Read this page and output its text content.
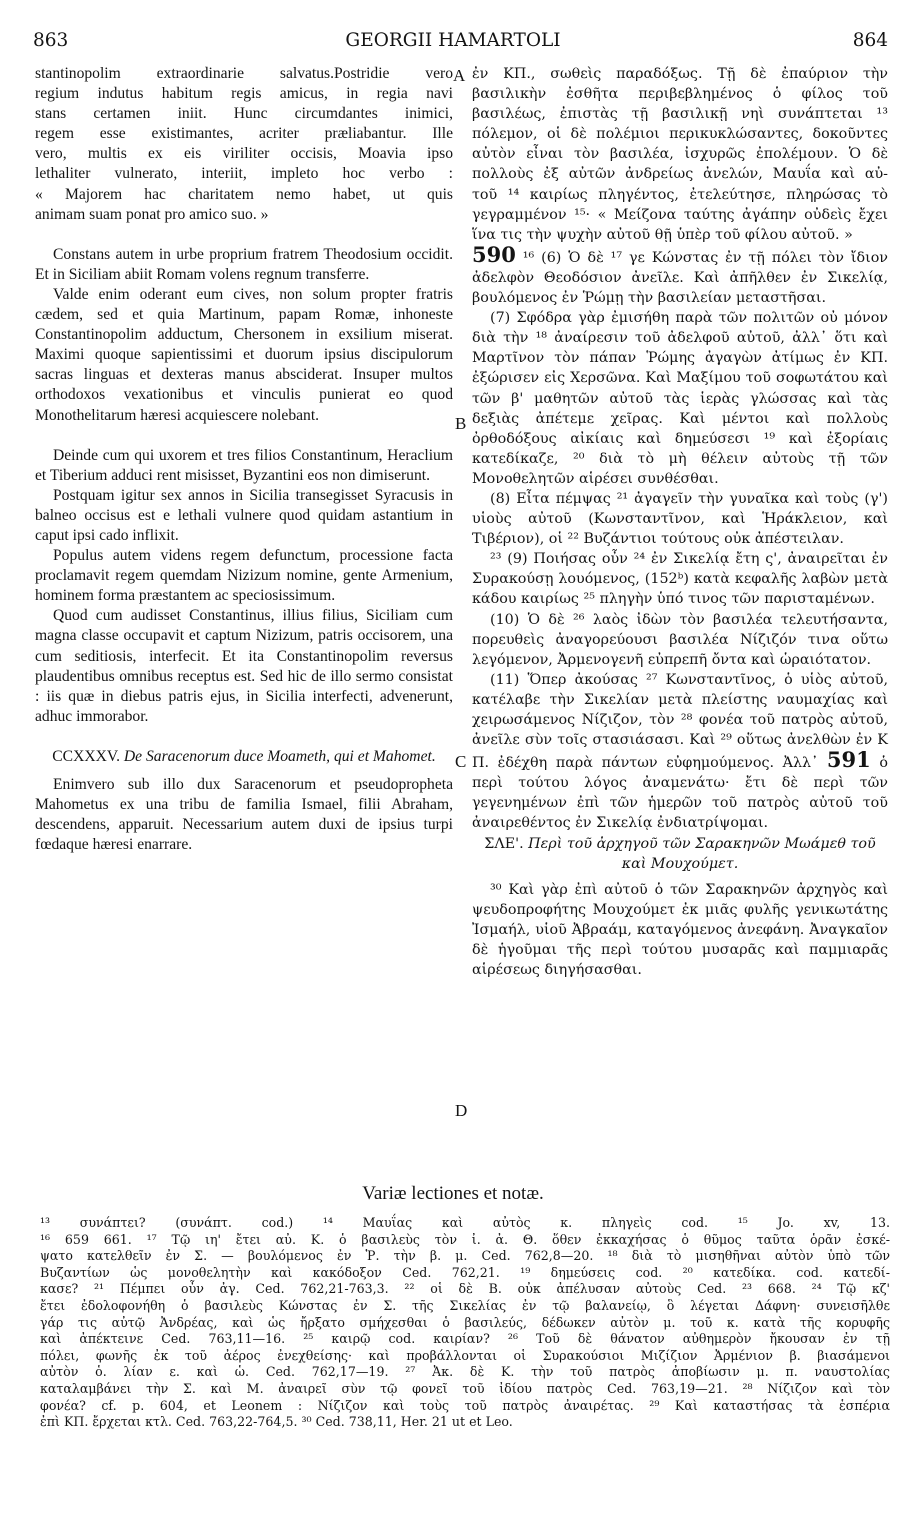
863	GEORGII HAMARTOLI	864

stantinopolim extraordinarie salvatus.Postridie vero

regium indutus habitum regis amicus, in regia navi

stans certamen iniit. Hunc circumdantes inimici,

regem esse existimantes, acriter præliabantur. Ille

vero, multis ex eis viriliter occisis, Moavia ipso

lethaliter vulnerato, interiit, impleto hoc verbo :

« Majorem hac charitatem nemo habet, ut quis

animam suam ponat pro amico suo. »

Constans autem in urbe proprium fratrem Theodosium occidit. Et in Siciliam abiit Romam volens regnum transferre.

Valde enim oderant eum cives, non solum propter fratris cædem, sed et quia Martinum, papam Romæ, inhoneste Constantinopolim adductum, Chersonem in exsilium miserat. Maximi quoque sapientissimi et duorum ipsius discipulorum sacras linguas et dexteras manus absciderat. Insuper multos orthodoxos vexationibus et vinculis punierat eo quod Monothelitarum hæresi acquiescere nolebant.

Deinde cum qui uxorem et tres filios Constantinum, Heraclium et Tiberium adduci rent misisset, Byzantini eos non dimiserunt.

Postquam igitur sex annos in Sicilia transegisset Syracusis in balneo occisus est e lethali vulnere quod quidam astantium in caput ipsi cado inflixit.

Populus autem videns regem defunctum, processione facta proclamavit regem quemdam Nizizum nomine, gente Armenium, hominem forma præstantem ac speciosissimum.

Quod cum audisset Constantinus, illius filius, Siciliam cum magna classe occupavit et captum Nizizum, patris occisorem, una cum seditiosis, interfecit. Et ita Constantinopolim reversus plaudentibus omnibus receptus est. Sed hic de illo sermo consistat : iis quæ in diebus patris ejus, in Sicilia interfecti, advenerunt, adhuc immorabor.

CCXXXV. De Saracenorum duce Moameth, qui et Mahomet.

Enimvero sub illo dux Saracenorum et pseudopropheta Mahometus ex una tribu de familia Ismael, filii Abraham, descendens, apparuit. Necessarium autem duxi de ipsius turpi fœdaque hæresi enarrare.

A
B
C
D

ἐν ΚΠ., σωθεὶς παραδόξως. Τῇ δὲ ἐπαύριον τὴν

βασιλικὴν ἐσθῆτα περιβεβλημένος ὁ φίλος τοῦ

βασιλέως, ἐπιστὰς τῇ βασιλικῇ νηὶ συνάπτεται ¹³

πόλεμον, οἱ δὲ πολέμιοι περικυκλώσαντες, δοκοῦντες

αὐτὸν εἶναι τὸν βασιλέα, ἰσχυρῶς ἐπολέμουν. Ὁ δὲ

πολλοὺς ἐξ αὐτῶν ἀνδρείως ἀνελών, Μαυΐα καὶ αὐ-

τοῦ ¹⁴ καιρίως πληγέντος, ἐτελεύτησε, πληρώσας τὸ

γεγραμμένον ¹⁵· « Μείζονα ταύτης ἀγάπην οὐδεὶς ἔχει

ἵνα τις τὴν ψυχὴν αὐτοῦ θῇ ὑπὲρ τοῦ φίλου αὐτοῦ. »

590 ¹⁶ (6) Ὁ δὲ ¹⁷ γε Κώνστας ἐν τῇ πόλει τὸν ἴδιον ἀδελφὸν Θεοδόσιον ἀνεῖλε. Καὶ ἀπῆλθεν ἐν Σικελίᾳ, βουλόμενος ἐν Ῥώμῃ τὴν βασιλείαν μεταστῆσαι.

(7) Σφόδρα γὰρ ἐμισήθη παρὰ τῶν πολιτῶν οὐ μόνον διὰ τὴν ¹⁸ ἀναίρεσιν τοῦ ἀδελφοῦ αὐτοῦ, ἀλλ᾽ ὅτι καὶ Μαρτῖνον τὸν πάπαν Ῥώμης ἀγαγὼν ἀτίμως ἐν ΚΠ. ἐξώρισεν εἰς Χερσῶνα. Καὶ Μαξίμου τοῦ σοφωτάτου καὶ τῶν β' μαθητῶν αὐτοῦ τὰς ἱερὰς γλώσσας καὶ τὰς δεξιὰς ἀπέτεμε χεῖρας. Καὶ μέντοι καὶ πολλοὺς ὀρθοδόξους αἰκίαις καὶ δημεύσεσι ¹⁹ καὶ ἐξορίαις κατεδίκαζε, ²⁰ διὰ τὸ μὴ θέλειν αὐτοὺς τῇ τῶν Μονοθελητῶν αἱρέσει συνθέσθαι.

(8) Εἶτα πέμψας ²¹ ἀγαγεῖν τὴν γυναῖκα καὶ τοὺς (γ') υἱοὺς αὐτοῦ (Κωνσταντῖνον, καὶ Ἡράκλειον, καὶ Τιβέριον), οἱ ²² Βυζάντιοι τούτους οὐκ ἀπέστειλαν.

²³ (9) Ποιήσας οὖν ²⁴ ἐν Σικελίᾳ ἔτη ς', ἀναιρεῖται ἐν Συρακούσῃ λουόμενος, (152ᵇ) κατὰ κεφαλῆς λαβὼν μετὰ κάδου καιρίως ²⁵ πληγὴν ὑπό τινος τῶν παρισταμένων.

(10) Ὁ δὲ ²⁶ λαὸς ἰδὼν τὸν βασιλέα τελευτήσαντα, πορευθεὶς ἀναγορεύουσι βασιλέα Νίζιζόν τινα οὕτω λεγόμενον, Ἀρμενογενῆ εὐπρεπῆ ὄντα καὶ ὡραιότατον.

(11) Ὅπερ ἀκούσας ²⁷ Κωνσταντῖνος, ὁ υἱὸς αὐτοῦ, κατέλαβε τὴν Σικελίαν μετὰ πλείστης ναυμαχίας καὶ χειρωσάμενος Νίζιζον, τὸν ²⁸ φονέα τοῦ πατρὸς αὐτοῦ, ἀνεῖλε σὺν τοῖς στασιάσασι. Καὶ ²⁹ οὕτως ἀνελθὼν ἐν Κ Π. ἐδέχθη παρὰ πάντων εὐφημούμενος. Ἀλλ᾽ 591 ὁ περὶ τούτου λόγος ἀναμενάτω· ἔτι δὲ περὶ τῶν γεγενημένων ἐπὶ τῶν ἡμερῶν τοῦ πατρὸς αὐτοῦ τοῦ ἀναιρεθέντος ἐν Σικελίᾳ ἐνδιατρίψομαι.

ΣΛΕ'. Περὶ τοῦ ἀρχηγοῦ τῶν Σαρακηνῶν Μωάμεθ τοῦ καὶ Μουχούμετ.

³⁰ Καὶ γὰρ ἐπὶ αὐτοῦ ὁ τῶν Σαρακηνῶν ἀρχηγὸς καὶ ψευδοπροφήτης Μουχούμετ ἐκ μιᾶς φυλῆς γενικωτάτης Ἰσμαήλ, υἱοῦ Ἀβραάμ, καταγόμενος ἀνεφάνη. Ἀναγκαῖον δὲ ἡγοῦμαι τῆς περὶ τούτου μυσαρᾶς καὶ παμμιαρᾶς αἱρέσεως διηγήσασθαι.

Variæ lectiones et notæ.

¹³ συνάπτει? (συνάπτ. cod.) ¹⁴ Μαυΐας καὶ αὐτὸς κ. πληγεὶς cod. ¹⁵ Jo. xv, 13.

¹⁶ 659 661. ¹⁷ Τῷ ιη' ἔτει αὐ. Κ. ὁ βασιλεὺς τὸν ἰ. ἀ. Θ. ὅθεν ἐκκαχήσας ὁ θῦμος ταῦτα ὁρᾶν ἐσκέ-

ψατο κατελθεῖν ἐν Σ. — βουλόμενος ἐν Ῥ. τὴν β. μ. Ced. 762,8—20. ¹⁸ διὰ τὸ μισηθῆναι αὐτὸν ὑπὸ τῶν

Βυζαντίων ὡς μονοθελητὴν καὶ κακόδοξον Ced. 762,21. ¹⁹ δημεύσεις cod. ²⁰ κατεδίκα. cod. κατεδί-

κασε? ²¹ Πέμπει οὖν ἀγ. Ced. 762,21-763,3. ²² οἱ δὲ Β. οὐκ ἀπέλυσαν αὐτοὺς Ced. ²³ 668. ²⁴ Τῷ κζ'

ἔτει ἐδολοφονήθη ὁ βασιλεὺς Κώνστας ἐν Σ. τῆς Σικελίας ἐν τῷ βαλανείῳ, ὃ λέγεται Δάφνη· συνεισῆλθε

γάρ τις αὐτῷ Ἀνδρέας, καὶ ὡς ἤρξατο σμήχεσθαι ὁ βασιλεύς, δέδωκεν αὐτὸν μ. τοῦ κ. κατὰ τῆς κορυφῆς

καὶ ἀπέκτεινε Ced. 763,11—16. ²⁵ καιρῷ cod. καιρίαν? ²⁶ Τοῦ δὲ θάνατον αὐθημερὸν ἤκουσαν ἐν τῇ

πόλει, φωνῆς ἐκ τοῦ ἀέρος ἐνεχθείσης· καὶ προβάλλονται οἱ Συρακούσιοι Μιζίζιον Ἀρμένιον β. βιασάμενοι

αὐτὸν ὁ. λίαν ε. καὶ ὡ. Ced. 762,17—19. ²⁷ Ἀκ. δὲ Κ. τὴν τοῦ πατρὸς ἀποβίωσιν μ. π. ναυστολίας

καταλαμβάνει τὴν Σ. καὶ Μ. ἀναιρεῖ σὺν τῷ φονεῖ τοῦ ἰδίου πατρὸς Ced. 763,19—21. ²⁸ Νίζιζον καὶ τὸν

φονέα? cf. p. 604, et Leonem : Νίζιζον καὶ τοὺς τοῦ πατρὸς ἀναιρέτας. ²⁹ Καὶ καταστήσας τὰ ἑσπέρια

ἐπὶ ΚΠ. ἔρχεται κτλ. Ced. 763,22-764,5. ³⁰ Ced. 738,11, Her. 21 ut et Leo.
